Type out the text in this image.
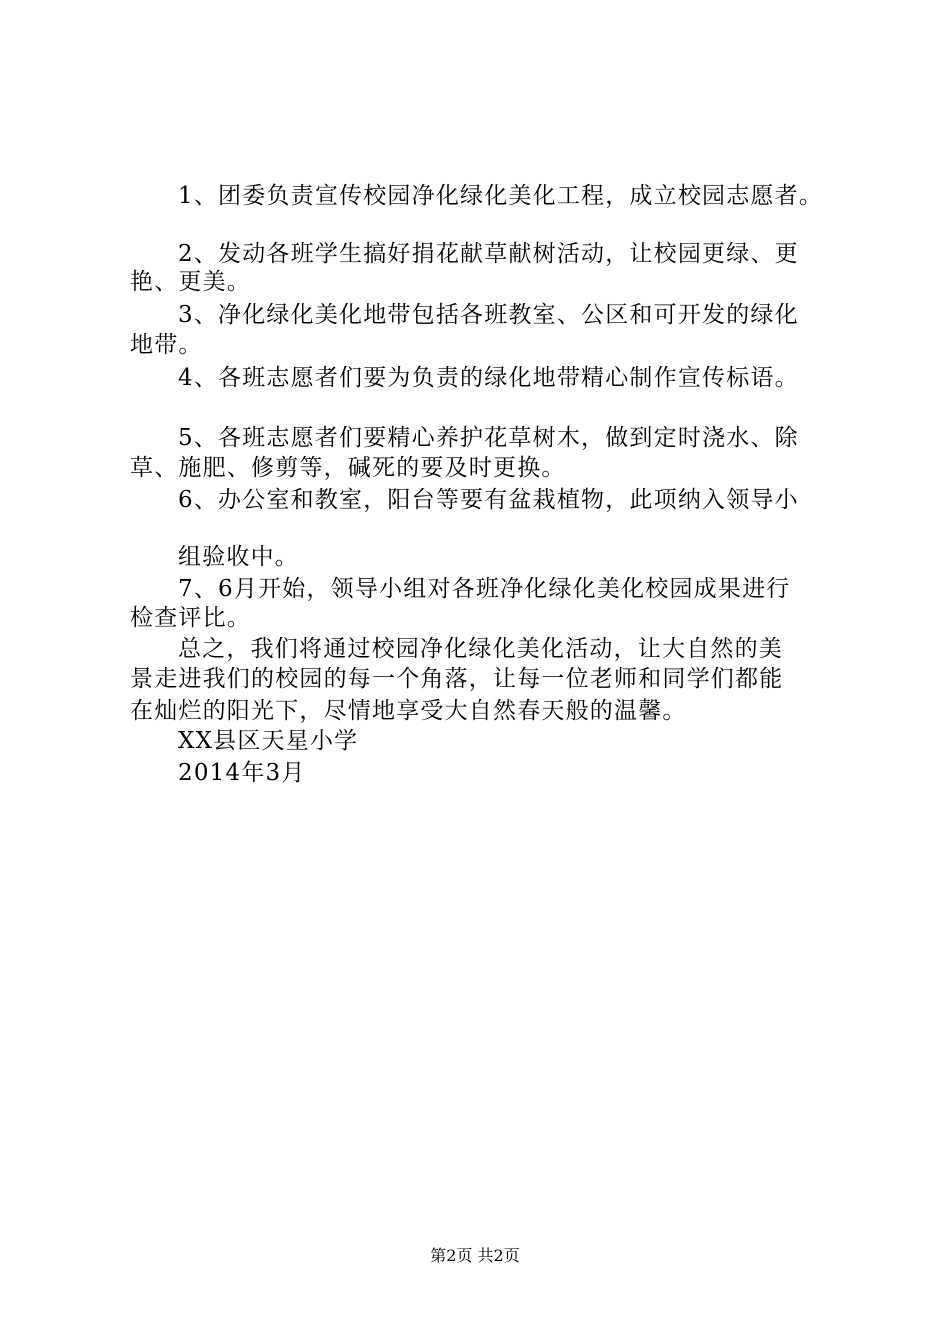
1、团委负责宣传校园净化绿化美化工程，成立校园志愿者。
2、发动各班学生搞好捐花献草献树活动，让校园更绿、更
艳、更美。
3、净化绿化美化地带包括各班教室、公区和可开发的绿化
地带。
4、各班志愿者们要为负责的绿化地带精心制作宣传标语。
5、各班志愿者们要精心养护花草树木，做到定时浇水、除
草、施肥、修剪等，碱死的要及时更换。
6、办公室和教室，阳台等要有盆栽植物，此项纳入领导小
组验收中。
7、6月开始，领导小组对各班净化绿化美化校园成果进行
检查评比。
总之，我们将通过校园净化绿化美化活动，让大自然的美
景走进我们的校园的每一个角落，让每一位老师和同学们都能
在灿烂的阳光下，尽情地享受大自然春天般的温馨。
XX县区天星小学
2014年3月
第2页 共2页
